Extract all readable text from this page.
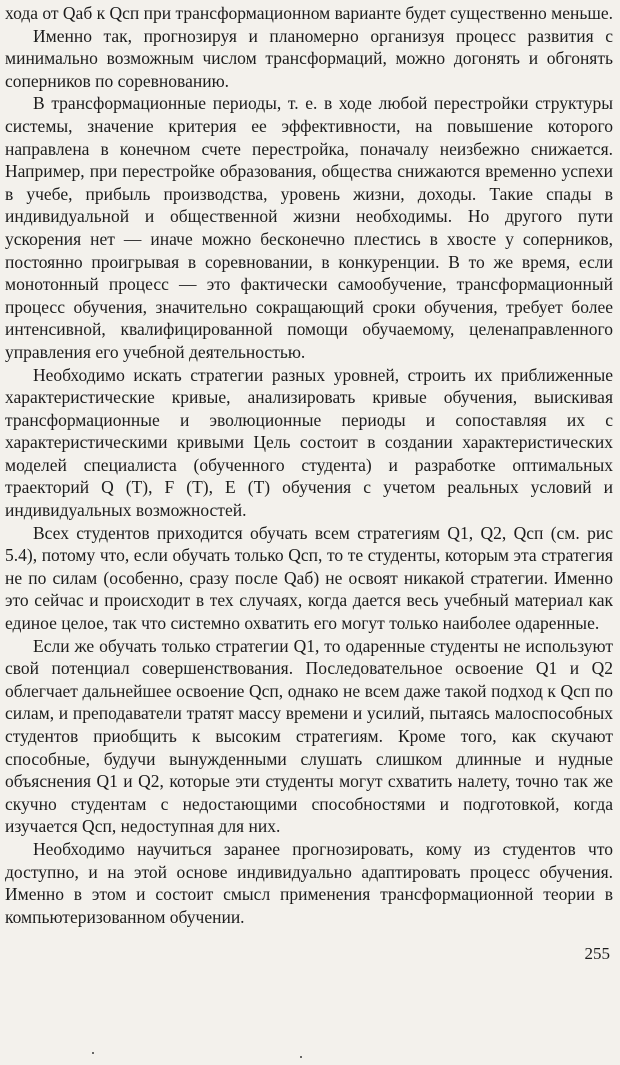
хода от Qаб к Qсп при трансформационном варианте будет существенно меньше.

Именно так, прогнозируя и планомерно организуя процесс развития с минимально возможным числом трансформаций, можно догонять и обгонять соперников по соревнованию.

В трансформационные периоды, т. е. в ходе любой перестройки структуры системы, значение критерия ее эффективности, на повышение которого направлена в конечном счете перестройка, поначалу неизбежно снижается. Например, при перестройке образования, общества снижаются временно успехи в учебе, прибыль производства, уровень жизни, доходы. Такие спады в индивидуальной и общественной жизни необходимы. Но другого пути ускорения нет — иначе можно бесконечно плестись в хвосте у соперников, постоянно проигрывая в соревновании, в конкуренции. В то же время, если монотонный процесс — это фактически самообучение, трансформационный процесс обучения, значительно сокращающий сроки обучения, требует более интенсивной, квалифицированной помощи обучаемому, целенаправленного управления его учебной деятельностью.

Необходимо искать стратегии разных уровней, строить их приближенные характеристические кривые, анализировать кривые обучения, выискивая трансформационные и эволюционные периоды и сопоставляя их с характеристическими кривыми Цель состоит в создании характеристических моделей специалиста (обученного студента) и разработке оптимальных траекторий Q (T), F (T), E (T) обучения с учетом реальных условий и индивидуальных возможностей.

Всех студентов приходится обучать всем стратегиям Q1, Q2, Qсп (см. рис 5.4), потому что, если обучать только Qсп, то те студенты, которым эта стратегия не по силам (особенно, сразу после Qаб) не освоят никакой стратегии. Именно это сейчас и происходит в тех случаях, когда дается весь учебный материал как единое целое, так что системно охватить его могут только наиболее одаренные.

Если же обучать только стратегии Q1, то одаренные студенты не используют свой потенциал совершенствования. Последовательное освоение Q1 и Q2 облегчает дальнейшее освоение Qсп, однако не всем даже такой подход к Qсп по силам, и преподаватели тратят массу времени и усилий, пытаясь малоспособных студентов приобщить к высоким стратегиям. Кроме того, как скучают способные, будучи вынужденными слушать слишком длинные и нудные объяснения Q1 и Q2, которые эти студенты могут схватить налету, точно так же скучно студентам с недостающими способностями и подготовкой, когда изучается Qсп, недоступная для них.

Необходимо научиться заранее прогнозировать, кому из студентов что доступно, и на этой основе индивидуально адаптировать процесс обучения. Именно в этом и состоит смысл применения трансформационной теории в компьютеризованном обучении.

255
